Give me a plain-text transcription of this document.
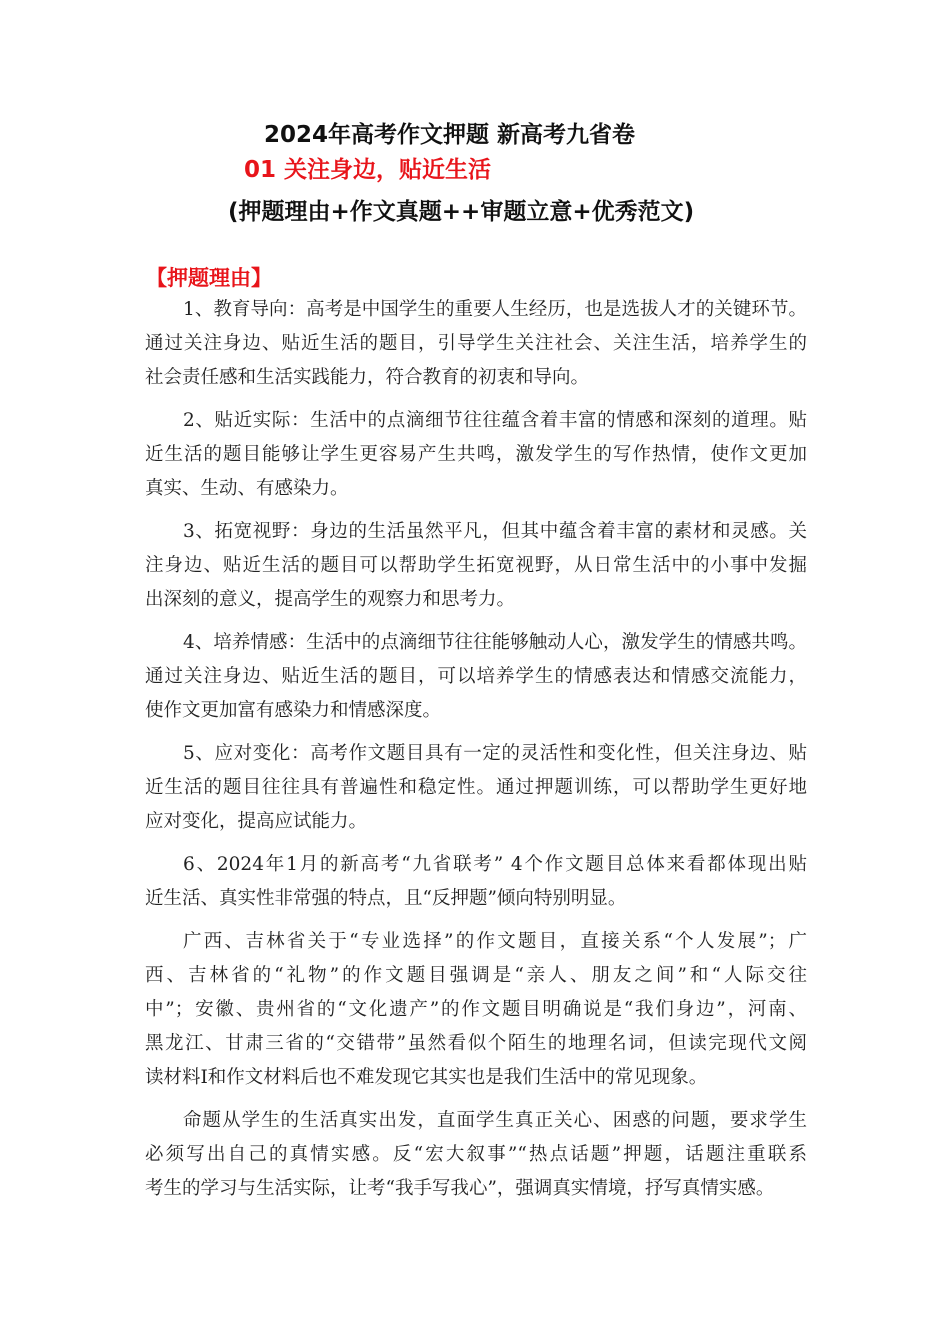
2024年高考作文押题 新高考九省卷
01 关注身边，贴近生活
(押题理由+作文真题++审题立意+优秀范文)
【押题理由】
1、教育导向：高考是中国学生的重要人生经历，也是选拔人才的关键环节。
通过关注身边、贴近生活的题目，引导学生关注社会、关注生活，培养学生的
社会责任感和生活实践能力，符合教育的初衷和导向。
2、贴近实际：生活中的点滴细节往往蕴含着丰富的情感和深刻的道理。贴
近生活的题目能够让学生更容易产生共鸣，激发学生的写作热情，使作文更加
真实、生动、有感染力。
3、拓宽视野：身边的生活虽然平凡，但其中蕴含着丰富的素材和灵感。关
注身边、贴近生活的题目可以帮助学生拓宽视野，从日常生活中的小事中发掘
出深刻的意义，提高学生的观察力和思考力。
4、培养情感：生活中的点滴细节往往能够触动人心，激发学生的情感共鸣。
通过关注身边、贴近生活的题目，可以培养学生的情感表达和情感交流能力，
使作文更加富有感染力和情感深度。
5、应对变化：高考作文题目具有一定的灵活性和变化性，但关注身边、贴
近生活的题目往往具有普遍性和稳定性。通过押题训练，可以帮助学生更好地
应对变化，提高应试能力。
6、2024年1月的新高考“九省联考” 4个作文题目总体来看都体现出贴
近生活、真实性非常强的特点，且“反押题”倾向特别明显。
广西、吉林省关于“专业选择”的作文题目，直接关系“个人发展”；广
西、吉林省的“礼物”的作文题目强调是“亲人、朋友之间”和“人际交往
中”；安徽、贵州省的“文化遗产”的作文题目明确说是“我们身边”，河南、
黑龙江、甘肃三省的“交错带”虽然看似个陌生的地理名词，但读完现代文阅
读材料I和作文材料后也不难发现它其实也是我们生活中的常见现象。
命题从学生的生活真实出发，直面学生真正关心、困惑的问题，要求学生
必须写出自己的真情实感。反“宏大叙事”“热点话题”押题，话题注重联系
考生的学习与生活实际，让考“我手写我心”，强调真实情境，抒写真情实感。
